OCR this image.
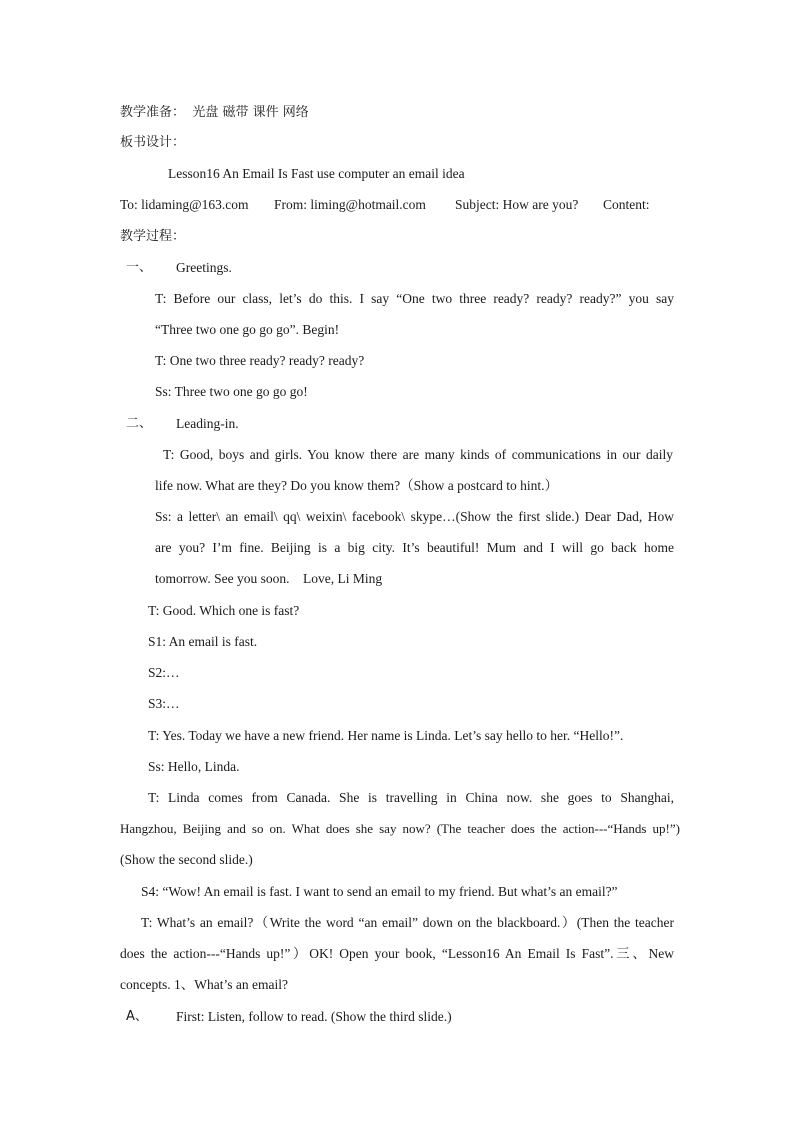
教学准备： 光盘 磁带 课件 网络
板书设计：
Lesson16 An Email Is Fast use computer an email idea
To: lidaming@163.com From: liming@hotmail.com Subject: How are you? Content:
教学过程：
一、 Greetings.
T: Before our class, let’s do this. I say “One two three ready? ready? ready?” you say
“Three two one go go go”. Begin!
T: One two three ready? ready? ready?
Ss: Three two one go go go!
二、 Leading-in.
T: Good, boys and girls. You know there are many kinds of communications in our daily
life now. What are they? Do you know them?（Show a postcard to hint.）
Ss: a letter\ an email\ qq\ weixin\ facebook\ skype…(Show the first slide.) Dear Dad, How
are you? I’m fine. Beijing is a big city. It’s beautiful! Mum and I will go back home
tomorrow. See you soon.    Love, Li Ming
T: Good. Which one is fast?
S1: An email is fast.
S2:…
S3:…
T: Yes. Today we have a new friend. Her name is Linda. Let’s say hello to her. “Hello!”.
Ss: Hello, Linda.
T: Linda comes from Canada. She is travelling in China now. she goes to Shanghai,
Hangzhou, Beijing and so on. What does she say now? (The teacher does the action---“Hands up!”)
(Show the second slide.)
S4: “Wow! An email is fast. I want to send an email to my friend. But what’s an email?”
T: What’s an email?（Write the word “an email” down on the blackboard.）(Then the teacher
does the action---“Hands up!”）OK! Open your book, “Lesson16 An Email Is Fast”.三、New
concepts. 1、What’s an email?
A、 First: Listen, follow to read. (Show the third slide.)
